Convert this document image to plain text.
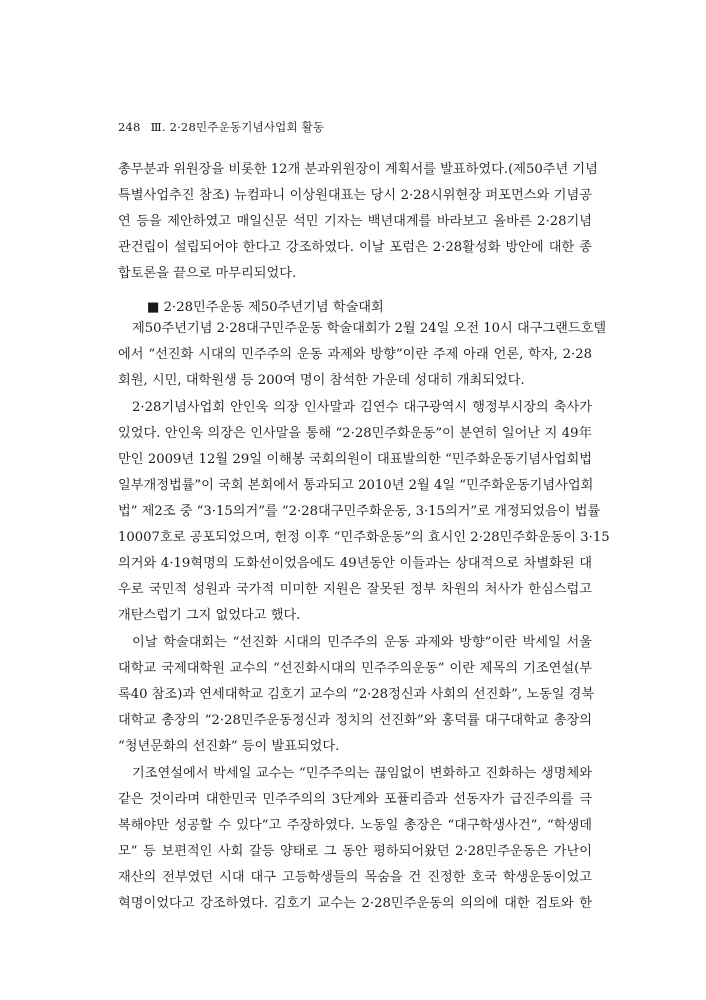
248 Ⅲ. 2·28민주운동기념사업회 활동
총무분과 위원장을 비롯한 12개 분과위원장이 계획서를 발표하였다.(제50주년 기념
특별사업추진 참조) 뉴컴파니 이상원대표는 당시 2·28시위현장 퍼포먼스와 기념공
연 등을 제안하였고 매일신문 석민 기자는 백년대계를 바라보고 올바른 2·28기념
관건립이 설립되어야 한다고 강조하였다. 이날 포럼은 2·28활성화 방안에 대한 종
합토론을 끝으로 마무리되었다.
■ 2·28민주운동 제50주년기념 학술대회
제50주년기념 2·28대구민주운동 학술대회가 2월 24일 오전 10시 대구그랜드호텔
에서 “선진화 시대의 민주주의 운동 과제와 방향”이란 주제 아래 언론, 학자, 2·28
회원, 시민, 대학원생 등 200여 명이 참석한 가운데 성대히 개최되었다.
2·28기념사업회 안인욱 의장 인사말과 김연수 대구광역시 행정부시장의 축사가
있었다. 안인욱 의장은 인사말을 통해 “2·28민주화운동”이 분연히 일어난 지 49年
만인 2009년 12월 29일 이해봉 국회의원이 대표발의한 “민주화운동기념사업회법
일부개정법률”이 국회 본회에서 통과되고 2010년 2월 4일 “민주화운동기념사업회
법” 제2조 중 “3·15의거”를 “2·28대구민주화운동, 3·15의거”로 개정되었음이 법률
10007호로 공포되었으며, 헌정 이후 “민주화운동”의 효시인 2·28민주화운동이 3·15
의거와 4·19혁명의 도화선이었음에도 49년동안 이들과는 상대적으로 차별화된 대
우로 국민적 성원과 국가적 미미한 지원은 잘못된 정부 차원의 처사가 한심스럽고
개탄스럽기 그지 없었다고 했다.
이날 학술대회는 “선진화 시대의 민주주의 운동 과제와 방향”이란 박세일 서울
대학교 국제대학원 교수의 “선진화시대의 민주주의운동” 이란 제목의 기조연설(부
록40 참조)과 연세대학교 김호기 교수의 “2·28정신과 사회의 선진화”, 노동일 경북
대학교 총장의 “2·28민주운동정신과 정치의 선진화”와 홍덕률 대구대학교 총장의
“청년문화의 선진화” 등이 발표되었다.
기조연설에서 박세일 교수는 “민주주의는 끊임없이 변화하고 진화하는 생명체와
같은 것이라며 대한민국 민주주의의 3단계와 포퓰리즘과 선동자가 급진주의를 극
복해야만 성공할 수 있다”고 주장하였다. 노동일 총장은 “대구학생사건”, “학생데
모” 등 보편적인 사회 갈등 양태로 그 동안 평하되어왔던 2·28민주운동은 가난이
재산의 전부였던 시대 대구 고등학생들의 목숨을 건 진정한 호국 학생운동이었고
혁명이었다고 강조하였다. 김호기 교수는 2·28민주운동의 의의에 대한 검토와 한
